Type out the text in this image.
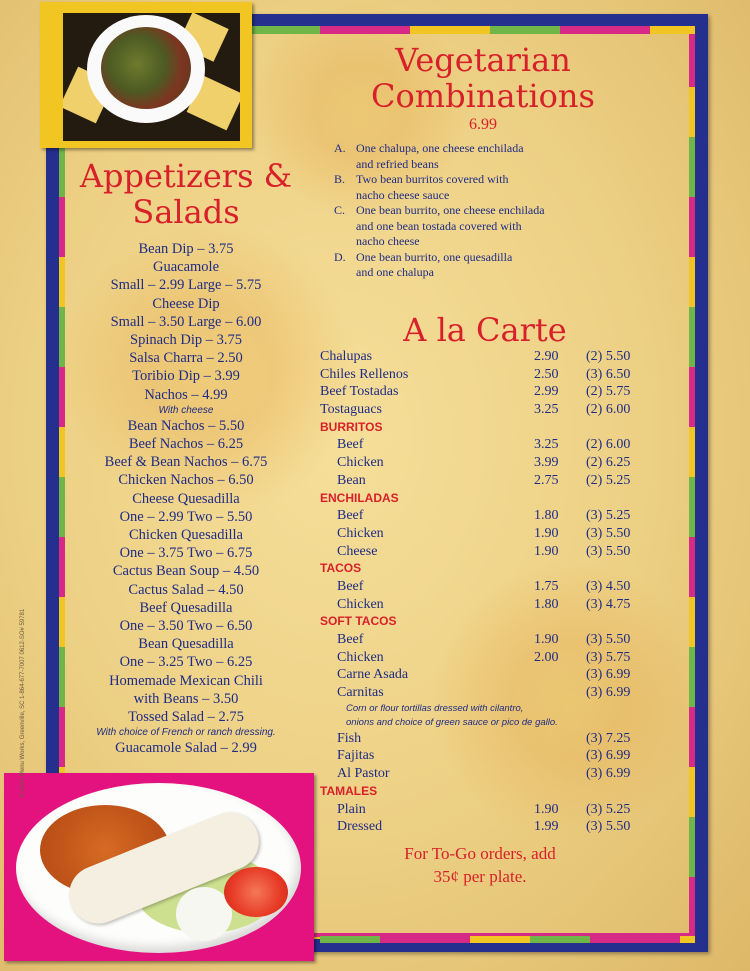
Appetizers &
Salads
Bean Dip – 3.75
Guacamole
Small – 2.99 Large – 5.75
Cheese Dip
Small – 3.50 Large – 6.00
Spinach Dip – 3.75
Salsa Charra – 2.50
Toribio Dip – 3.99
Nachos – 4.99
With cheese
Bean Nachos – 5.50
Beef Nachos – 6.25
Beef & Bean Nachos – 6.75
Chicken Nachos – 6.50
Cheese Quesadilla
One – 2.99 Two – 5.50
Chicken Quesadilla
One – 3.75 Two – 6.75
Cactus Bean Soup – 4.50
Cactus Salad – 4.50
Beef Quesadilla
One – 3.50 Two – 6.50
Bean Quesadilla
One – 3.25 Two – 6.25
Homemade Mexican Chili
with Beans – 3.50
Tossed Salad – 2.75
With choice of French or ranch dressing.
Guacamole Salad – 2.99
Vegetarian
Combinations
6.99
A. One chalupa, one cheese enchilada
and refried beans
B. Two bean burritos covered with
nacho cheese sauce
C. One bean burrito, one cheese enchilada
and one bean tostada covered with
nacho cheese
D. One bean burrito, one quesadilla
and one chalupa
A la Carte
Chalupas	2.90 (2) 5.50
Chiles Rellenos	2.50 (3) 6.50
Beef Tostadas	2.99 (2) 5.75
Tostaguacs	3.25 (2) 6.00
BURRITOS
Beef	3.25 (2) 6.00
Chicken	3.99 (2) 6.25
Bean	2.75 (2) 5.25
ENCHILADAS
Beef	1.80 (3) 5.25
Chicken	1.90 (3) 5.50
Cheese	1.90 (3) 5.50
TACOS
Beef	1.75 (3) 4.50
Chicken	1.80 (3) 4.75
SOFT TACOS
Beef	1.90 (3) 5.50
Chicken	2.00 (3) 5.75
Carne Asada	(3) 6.99
Carnitas	(3) 6.99
Corn or flour tortillas dressed with cilantro,
onions and choice of green sauce or pico de gallo.
Fish	(3) 7.25
Fajitas	(3) 6.99
Al Pastor	(3) 6.99
TAMALES
Plain	1.90 (3) 5.25
Dressed	1.99 (3) 5.50
For To-Go orders, add
35¢ per plate.
© 2012 Menu Works, Greenville, SC 1-864-677-7007 0612-SO# 59781
